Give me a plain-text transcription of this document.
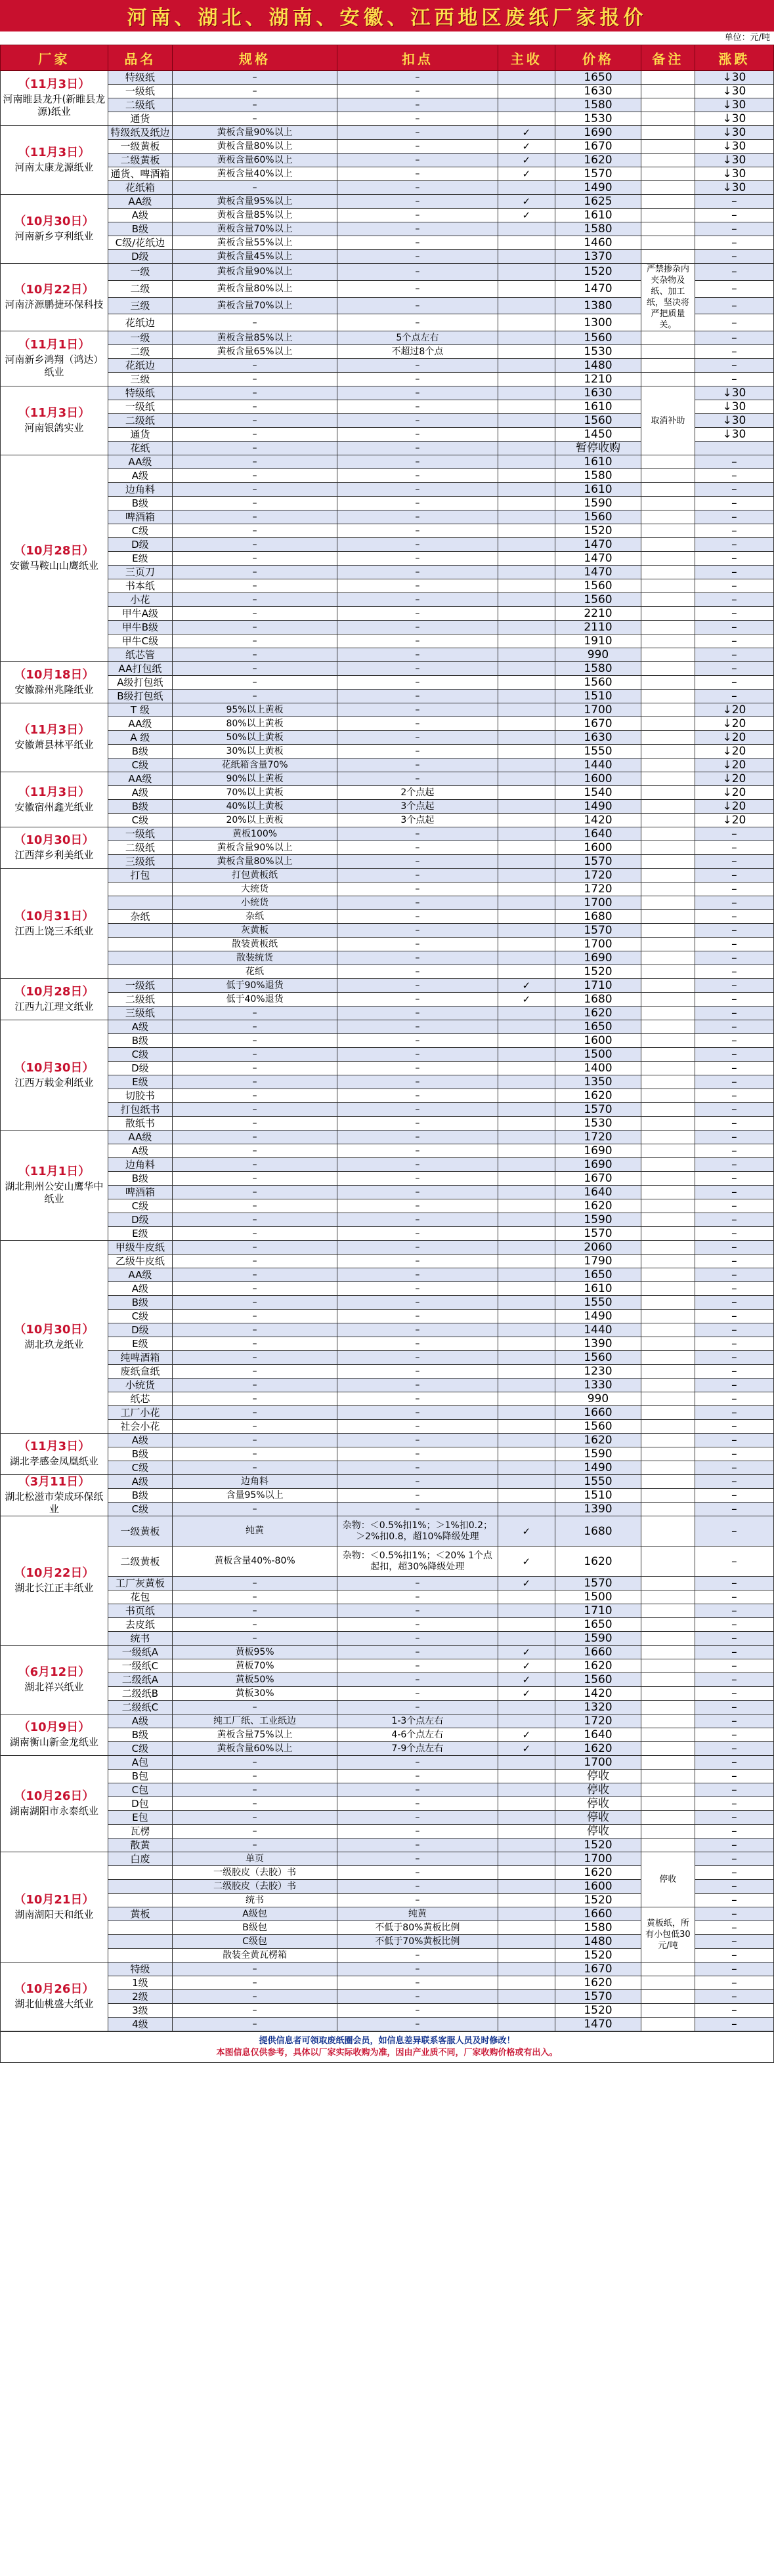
河南、湖北、湖南、安徽、江西地区废纸厂家报价
单位：元/吨
厂家	品名	规格	扣点	主收	价格	备注	涨跌

（11月3日）
河南睢县龙升(新睢县龙源)纸业	特级纸	–	–		1650		↓30
	一级纸	–	–		1630		↓30
	二级纸	–	–		1580		↓30
	通货	–	–		1530		↓30

（11月3日）
河南太康龙源纸业	特级纸及纸边	黄板含量90%以上	–	✓	1690		↓30
	一级黄板	黄板含量80%以上	–	✓	1670		↓30
	二级黄板	黄板含量60%以上	–	✓	1620		↓30
	通货、啤酒箱	黄板含量40%以上	–	✓	1570		↓30
	花纸箱	–	–		1490		↓30

（10月30日）
河南新乡亨利纸业	AA级	黄板含量95%以上	–	✓	1625		–
	A级	黄板含量85%以上	–	✓	1610		–
	B级	黄板含量70%以上	–		1580		–
	C级/花纸边	黄板含量55%以上	–		1460		–
	D级	黄板含量45%以上	–		1370		–

（10月22日）
河南济源鹏捷环保科技	一级	黄板含量90%以上	–		1520	严禁掺杂内夹杂物及纸、加工纸，坚决将严把质量关。	–
	二级	黄板含量80%以上	–		1470		–
	三级	黄板含量70%以上	–		1380		–
	花纸边	–	–		1300		–

（11月1日）
河南新乡鸿翔（鸿达）纸业	一级	黄板含量85%以上	5个点左右		1560		–
	二级	黄板含量65%以上	不超过8个点		1530		–
	花纸边	–	–		1480		–
	三级	–	–		1210		–

（11月3日）
河南银鸽实业	特级纸	–	–		1630	取消补助	↓30
	一级纸	–	–		1610		↓30
	二级纸	–	–		1560		↓30
	通货	–	–		1450		↓30
	花纸	–	–		暂停收购		

（10月28日）
安徽马鞍山山鹰纸业	AA级	–	–		1610		–
	A级	–	–		1580		–
	边角料	–	–		1610		–
	B级	–	–		1590		–
	啤酒箱	–	–		1560		–
	C级	–	–		1520		–
	D级	–	–		1470		–
	E级	–	–		1470		–
	三页刀	–	–		1470		–
	书本纸	–	–		1560		–
	小花	–	–		1560		–
	甲牛A级	–	–		2210		–
	甲牛B级	–	–		2110		–
	甲牛C级	–	–		1910		–
	纸芯管	–	–		990		–

（10月18日）
安徽滁州兆隆纸业	AA打包纸	–	–		1580		–
	A级打包纸	–	–		1560		–
	B级打包纸	–	–		1510		–

（11月3日）
安徽萧县林平纸业	T 级	95%以上黄板	–		1700		↓20
	AA级	80%以上黄板	–		1670		↓20
	A 级	50%以上黄板	–		1630		↓20
	B级	30%以上黄板	–		1550		↓20
	C级	花纸箱含量70%	–		1440		↓20

（11月3日）
安徽宿州鑫光纸业	AA级	90%以上黄板	–		1600		↓20
	A级	70%以上黄板	2个点起		1540		↓20
	B级	40%以上黄板	3个点起		1490		↓20
	C级	20%以上黄板	3个点起		1420		↓20

（10月30日）
江西萍乡利美纸业	一级纸	黄板100%	–		1640		–
	二级纸	黄板含量90%以上	–		1600		–
	三级纸	黄板含量80%以上	–		1570		–

（10月31日）
江西上饶三禾纸业	打包	打包黄板纸	–		1720		–
		大统货	–		1720		–
		小统货	–		1700		–
	杂纸	杂纸	–		1680		–
		灰黄板	–		1570		–
		散装黄板纸	–		1700		–
		散装统货	–		1690		–
		花纸	–		1520		–

（10月28日）
江西九江理文纸业	一级纸	低于90%退货	–	✓	1710		–
	二级纸	低于40%退货	–	✓	1680		–
	三级纸	–	–		1620		–

（10月30日）
江西万载金利纸业	A级	–	–		1650		–
	B级	–	–		1600		–
	C级	–	–		1500		–
	D级	–	–		1400		–
	E级	–	–		1350		–
	切胶书	–	–		1620		–
	打包纸书	–	–		1570		–
	散纸书	–	–		1530		–

（11月1日）
湖北荆州公安山鹰华中纸业	AA级	–	–		1720		–
	A级	–	–		1690		–
	边角料	–	–		1690		–
	B级	–	–		1670		–
	啤酒箱	–	–		1640		–
	C级	–	–		1620		–
	D级	–	–		1590		–
	E级	–	–		1570		–

（10月30日）
湖北玖龙纸业	甲级牛皮纸	–	–		2060		–
	乙级牛皮纸	–	–		1790		–
	AA级	–	–		1650		–
	A级	–	–		1610		–
	B级	–	–		1550		–
	C级	–	–		1490		–
	D级	–	–		1440		–
	E级	–	–		1390		–
	纯啤酒箱	–	–		1560		–
	废纸盒纸	–	–		1230		–
	小统货	–	–		1330		–
	纸芯	–	–		990		–
	工厂小花	–	–		1660		–
	社会小花	–	–		1560		–

（11月3日）
湖北孝感金凤凰纸业	A级	–	–		1620		–
	B级	–	–		1590		–
	C级	–	–		1490		–

（3月11日）
湖北松滋市荣成环保纸业	A级	边角料	–		1550		–
	B级	含量95%以上	–		1510		–
	C级	–	–		1390		–

（10月22日）
湖北长江正丰纸业	一级黄板	纯黄	杂物：＜0.5%扣1%；＞1%扣0.2；＞2%扣0.8，超10%降级处理	✓	1680		–
	二级黄板	黄板含量40%-80%	杂物：＜0.5%扣1%；＜20% 1个点起扣，超30%降级处理	✓	1620		–
	工厂灰黄板	–	–	✓	1570		–
	花包	–	–		1500		–
	书页纸	–	–		1710		–
	去皮纸	–	–		1650		–
	统书	–	–		1590		–

（6月12日）
湖北祥兴纸业	一级纸A	黄板95%	–	✓	1660		–
	一级纸C	黄板70%	–	✓	1620		–
	二级纸A	黄板50%	–	✓	1560		–
	二级纸B	黄板30%	–	✓	1420		–
	二级纸C	–	–		1320		–

（10月9日）
湖南衡山新金龙纸业	A级	纯工厂纸、工业纸边	1-3个点左右		1720		–
	B级	黄板含量75%以上	4-6个点左右	✓	1640		–
	C级	黄板含量60%以上	7-9个点左右	✓	1620		–

（10月26日）
湖南湖阳市永泰纸业	A包	–	–		1700		–
	B包	–	–		停收		–
	C包	–	–		停收		–
	D包	–	–		停收		–
	E包	–	–		停收		–
	瓦楞	–	–		停收		–
	散黄	–	–		1520		–

（10月21日）
湖南湖阳天和纸业	白废	单页	–		1700	停收	–
		一级胶皮（去胶）书	–		1620		–
		二级胶皮（去胶）书	–		1600		–
		统书	–		1520		–
	黄板	A级包	纯黄		1660	黄板纸，所有小包低30元/吨	–
		B级包	不低于80%黄板比例		1580		–
		C级包	不低于70%黄板比例		1480		–
		散装全黄瓦楞箱	–		1520		–

（10月26日）
湖北仙桃盛大纸业	特级	–	–		1670		–
	1级	–	–		1620		–
	2级	–	–		1570		–
	3级	–	–		1520		–
	4级	–	–		1470		–
提供信息者可领取废纸圈会员，如信息差异联系客服人员及时修改！
本图信息仅供参考，具体以厂家实际收购为准，因由产业质不同，厂家收购价格或有出入。
